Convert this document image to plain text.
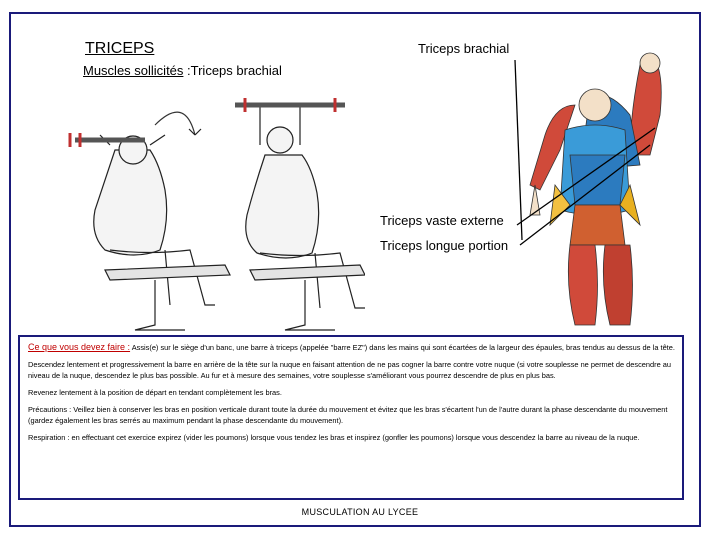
TRICEPS
Muscles sollicités :Triceps brachial
Triceps brachial
Triceps vaste externe
Triceps longue portion

Ce que vous devez faire : Assis(e) sur le siège d'un banc, une barre à triceps (appelée "barre EZ") dans les mains qui sont écartées de la largeur des épaules, bras tendus au dessus de la tête.

Descendez lentement et progressivement la barre en arrière de la tête sur la nuque en faisant attention de ne pas cogner la barre contre votre nuque (si votre souplesse ne permet de descendre au niveau de la nuque, descendez le plus bas possible. Au fur et à mesure des semaines, votre souplesse s'améliorant vous pourrez descendre de plus en plus bas.

Revenez lentement à la position de départ en tendant complètement les bras.

Précautions : Veillez bien à conserver les bras en position verticale durant toute la durée du mouvement et évitez que les bras s'écartent l'un de l'autre durant la phase descendante du mouvement (gardez également les bras serrés au maximum pendant la phase descendante du mouvement).

Respiration : en effectuant cet exercice expirez (vider les poumons) lorsque vous tendez les bras et inspirez (gonfler les poumons) lorsque vous descendez la barre au niveau de la nuque.

MUSCULATION AU LYCEE
